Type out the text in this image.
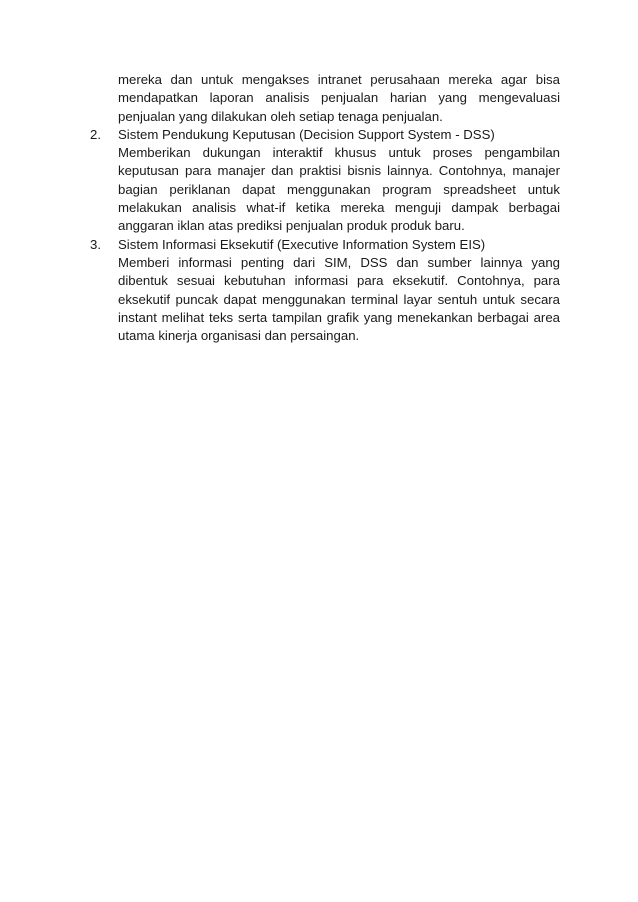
mereka dan untuk mengakses intranet perusahaan mereka agar bisa mendapatkan laporan analisis penjualan harian yang mengevaluasi penjualan yang dilakukan oleh setiap tenaga penjualan.

2.	Sistem Pendukung Keputusan (Decision Support System - DSS)

Memberikan dukungan interaktif khusus untuk proses pengambilan keputusan para manajer dan praktisi bisnis lainnya. Contohnya, manajer bagian periklanan dapat menggunakan program spreadsheet untuk melakukan analisis what-if ketika mereka menguji dampak berbagai anggaran iklan atas prediksi penjualan produk produk baru.

3.	Sistem Informasi Eksekutif (Executive Information System EIS)

Memberi informasi penting dari SIM, DSS dan sumber lainnya yang dibentuk sesuai kebutuhan informasi para eksekutif. Contohnya, para eksekutif puncak dapat menggunakan terminal layar sentuh untuk secara instant melihat teks serta tampilan grafik yang menekankan berbagai area utama kinerja organisasi dan persaingan.
